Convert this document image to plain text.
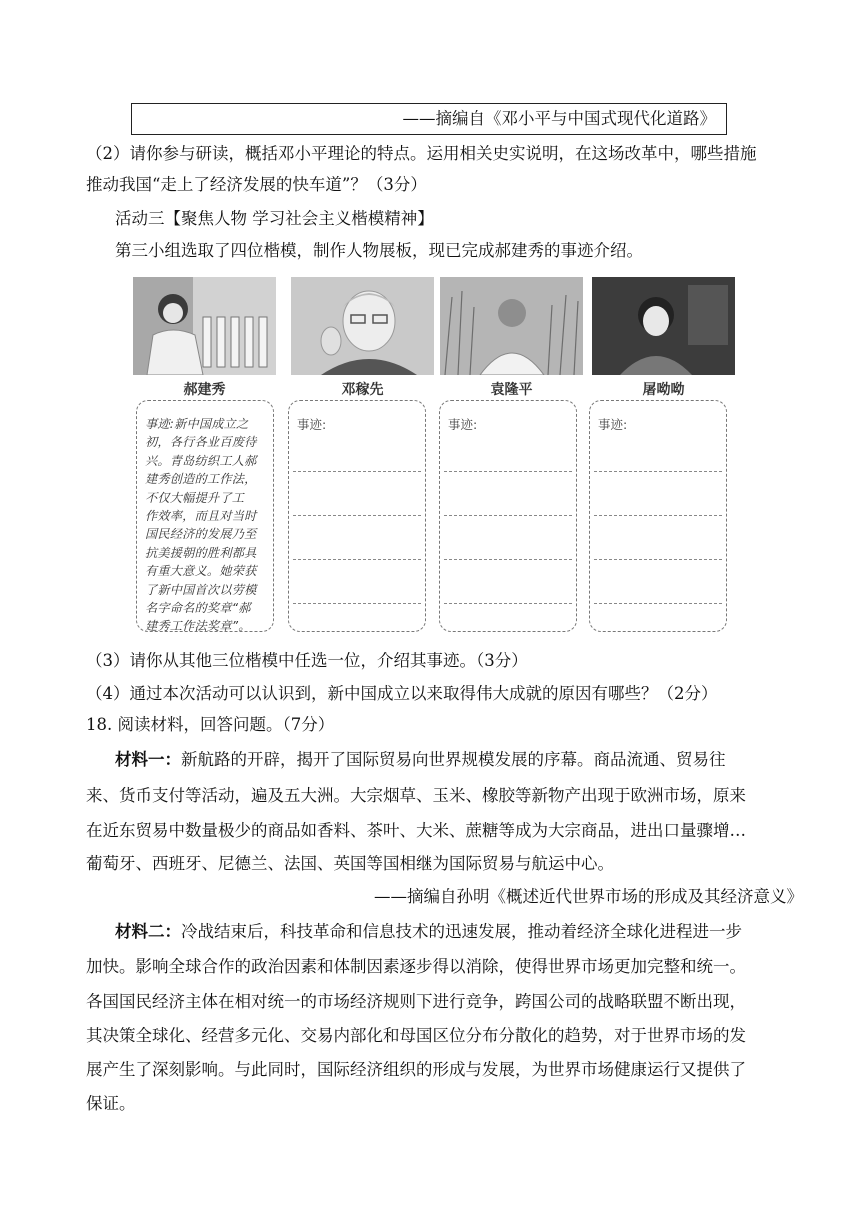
——摘编自《邓小平与中国式现代化道路》
（2）请你参与研读，概括邓小平理论的特点。运用相关史实说明，在这场改革中，哪些措施
推动我国“走上了经济发展的快车道”？（3分）
活动三【聚焦人物 学习社会主义楷模精神】
第三小组选取了四位楷模，制作人物展板，现已完成郝建秀的事迹介绍。
郝建秀	邓稼先	袁隆平	屠呦呦
事迹:新中国成立之
初，各行各业百废待
兴。青岛纺织工人郝
建秀创造的工作法，
不仅大幅提升了工
作效率，而且对当时
国民经济的发展乃至
抗美援朝的胜利都具
有重大意义。她荣获
了新中国首次以劳模
名字命名的奖章“郝
建秀工作法奖章”。
事迹:	事迹:	事迹:
（3）请你从其他三位楷模中任选一位，介绍其事迹。（3分）
（4）通过本次活动可以认识到，新中国成立以来取得伟大成就的原因有哪些？（2分）
18. 阅读材料，回答问题。（7分）
材料一：新航路的开辟，揭开了国际贸易向世界规模发展的序幕。商品流通、贸易往
来、货币支付等活动，遍及五大洲。大宗烟草、玉米、橡胶等新物产出现于欧洲市场，原来
在近东贸易中数量极少的商品如香料、茶叶、大米、蔗糖等成为大宗商品，进出口量骤增…
葡萄牙、西班牙、尼德兰、法国、英国等国相继为国际贸易与航运中心。
——摘编自孙明《概述近代世界市场的形成及其经济意义》
材料二：冷战结束后，科技革命和信息技术的迅速发展，推动着经济全球化进程进一步
加快。影响全球合作的政治因素和体制因素逐步得以消除，使得世界市场更加完整和统一。
各国国民经济主体在相对统一的市场经济规则下进行竞争，跨国公司的战略联盟不断出现，
其决策全球化、经营多元化、交易内部化和母国区位分布分散化的趋势，对于世界市场的发
展产生了深刻影响。与此同时，国际经济组织的形成与发展，为世界市场健康运行又提供了
保证。
